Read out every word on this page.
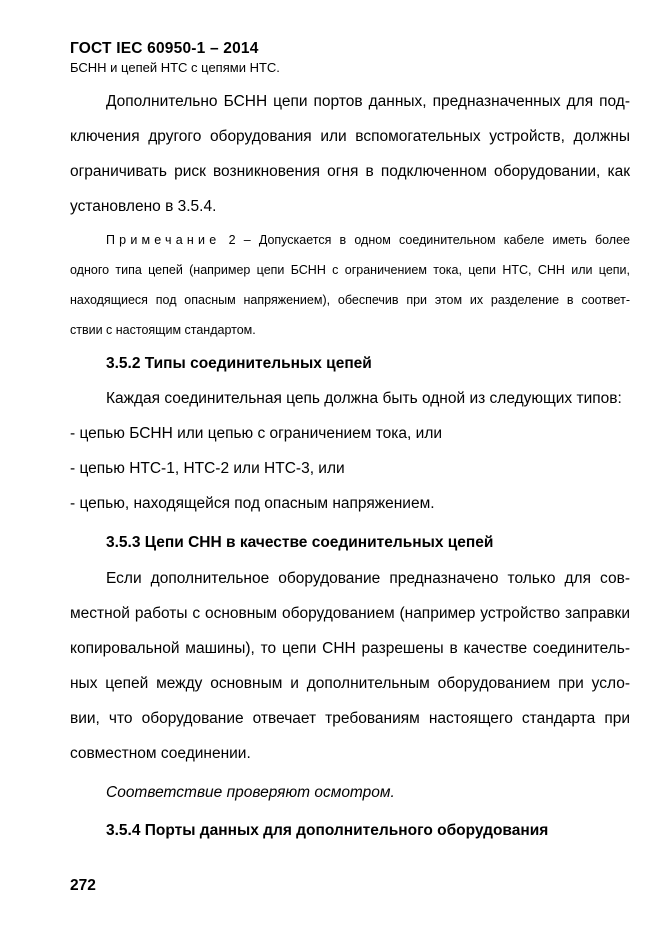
ГОСТ IEC 60950-1 – 2014
БСНН и цепей НТС с цепями НТС.
Дополнительно БСНН цепи портов данных, предназначенных для под-
ключения другого оборудования или вспомогательных устройств, должны
ограничивать риск возникновения огня в подключенном оборудовании, как
установлено в 3.5.4.
Примечание 2 – Допускается в одном соединительном кабеле иметь более
одного типа цепей (например цепи БСНН с ограничением тока, цепи НТС, СНН или цепи,
находящиеся под опасным напряжением), обеспечив при этом их разделение в соответ-
ствии с настоящим стандартом.
3.5.2 Типы соединительных цепей
Каждая соединительная цепь должна быть одной из следующих типов:
- цепью БСНН или цепью с ограничением тока, или
- цепью НТС-1, НТС-2 или НТС-3, или
- цепью, находящейся под опасным напряжением.
3.5.3 Цепи СНН в качестве соединительных цепей
Если дополнительное оборудование предназначено только для сов-
местной работы с основным оборудованием (например устройство заправки
копировальной машины), то цепи СНН разрешены в качестве соединитель-
ных цепей между основным и дополнительным оборудованием при усло-
вии, что оборудование отвечает требованиям настоящего стандарта при
совместном соединении.
Соответствие проверяют осмотром.
3.5.4 Порты данных для дополнительного оборудования
272
